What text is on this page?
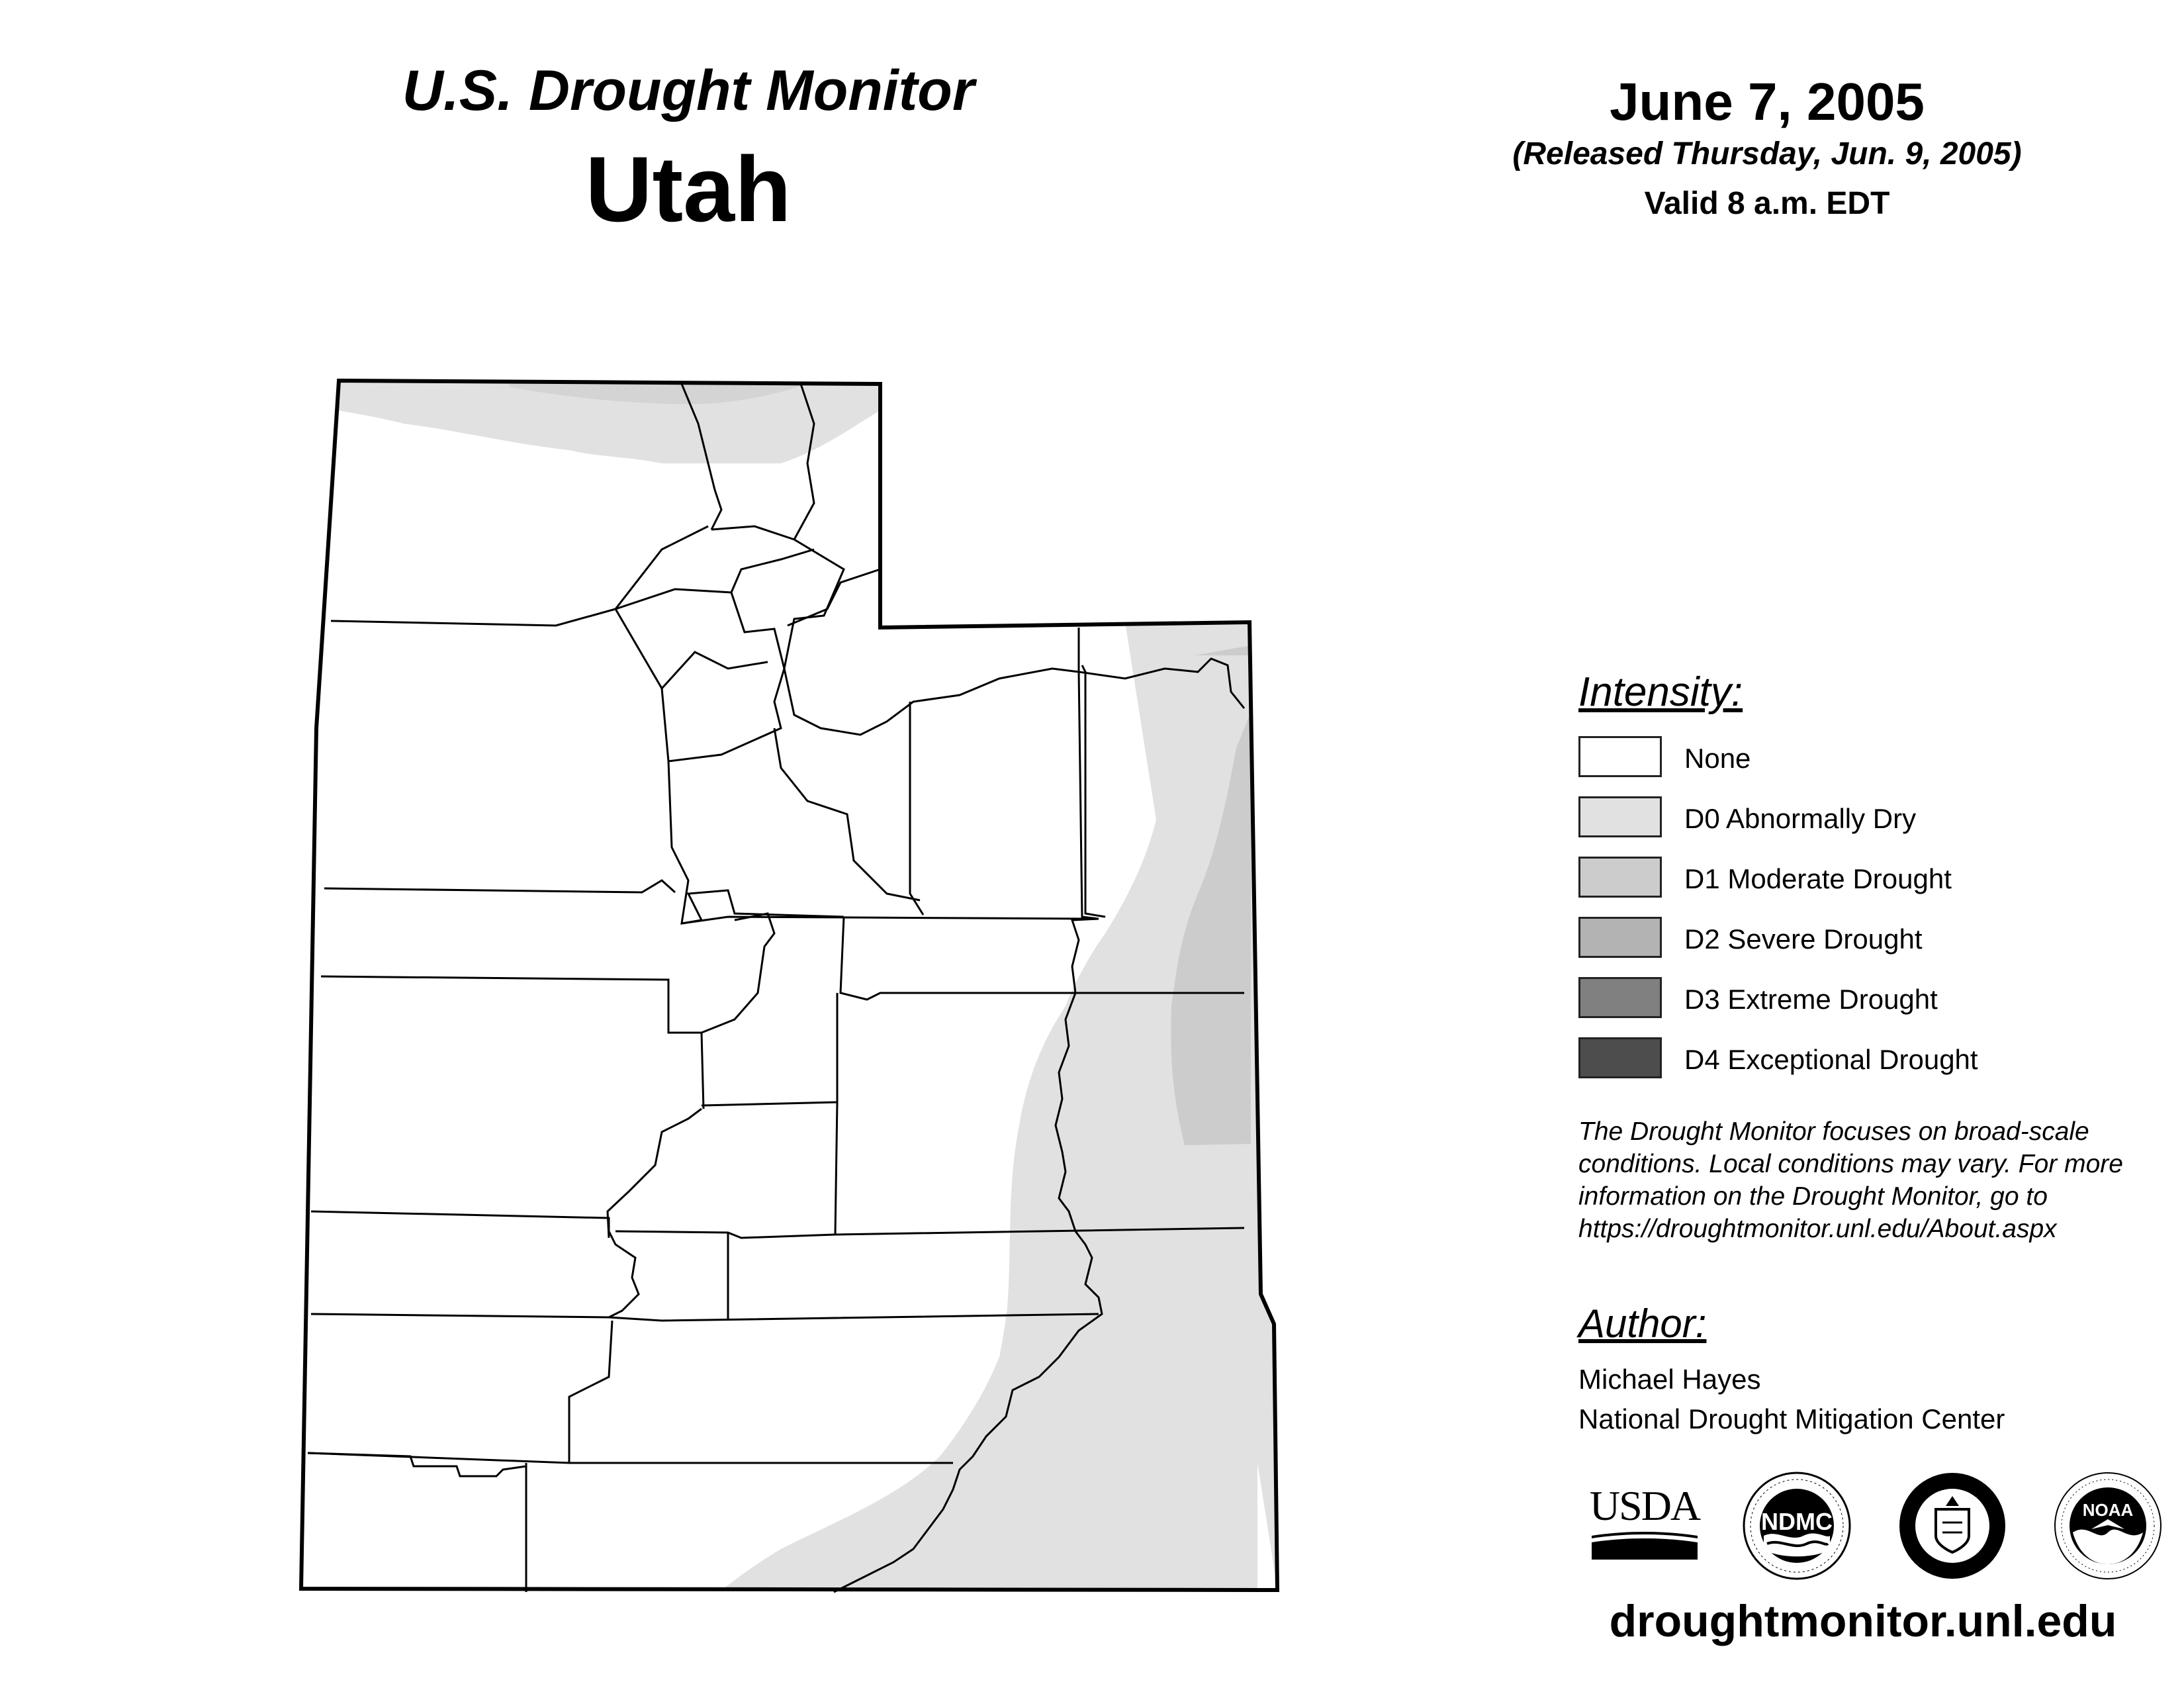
U.S. Drought Monitor
Utah
June 7, 2005
(Released Thursday, Jun. 9, 2005)
Valid 8 a.m. EDT
Intensity:
None
D0 Abnormally Dry
D1 Moderate Drought
D2 Severe Drought
D3 Extreme Drought
D4 Exceptional Drought
The Drought Monitor focuses on broad-scale conditions. Local conditions may vary. For more information on the Drought Monitor, go to https://droughtmonitor.unl.edu/About.aspx
Author:
Michael Hayes
National Drought Mitigation Center
USDA	NDMC	NOAA
droughtmonitor.unl.edu
